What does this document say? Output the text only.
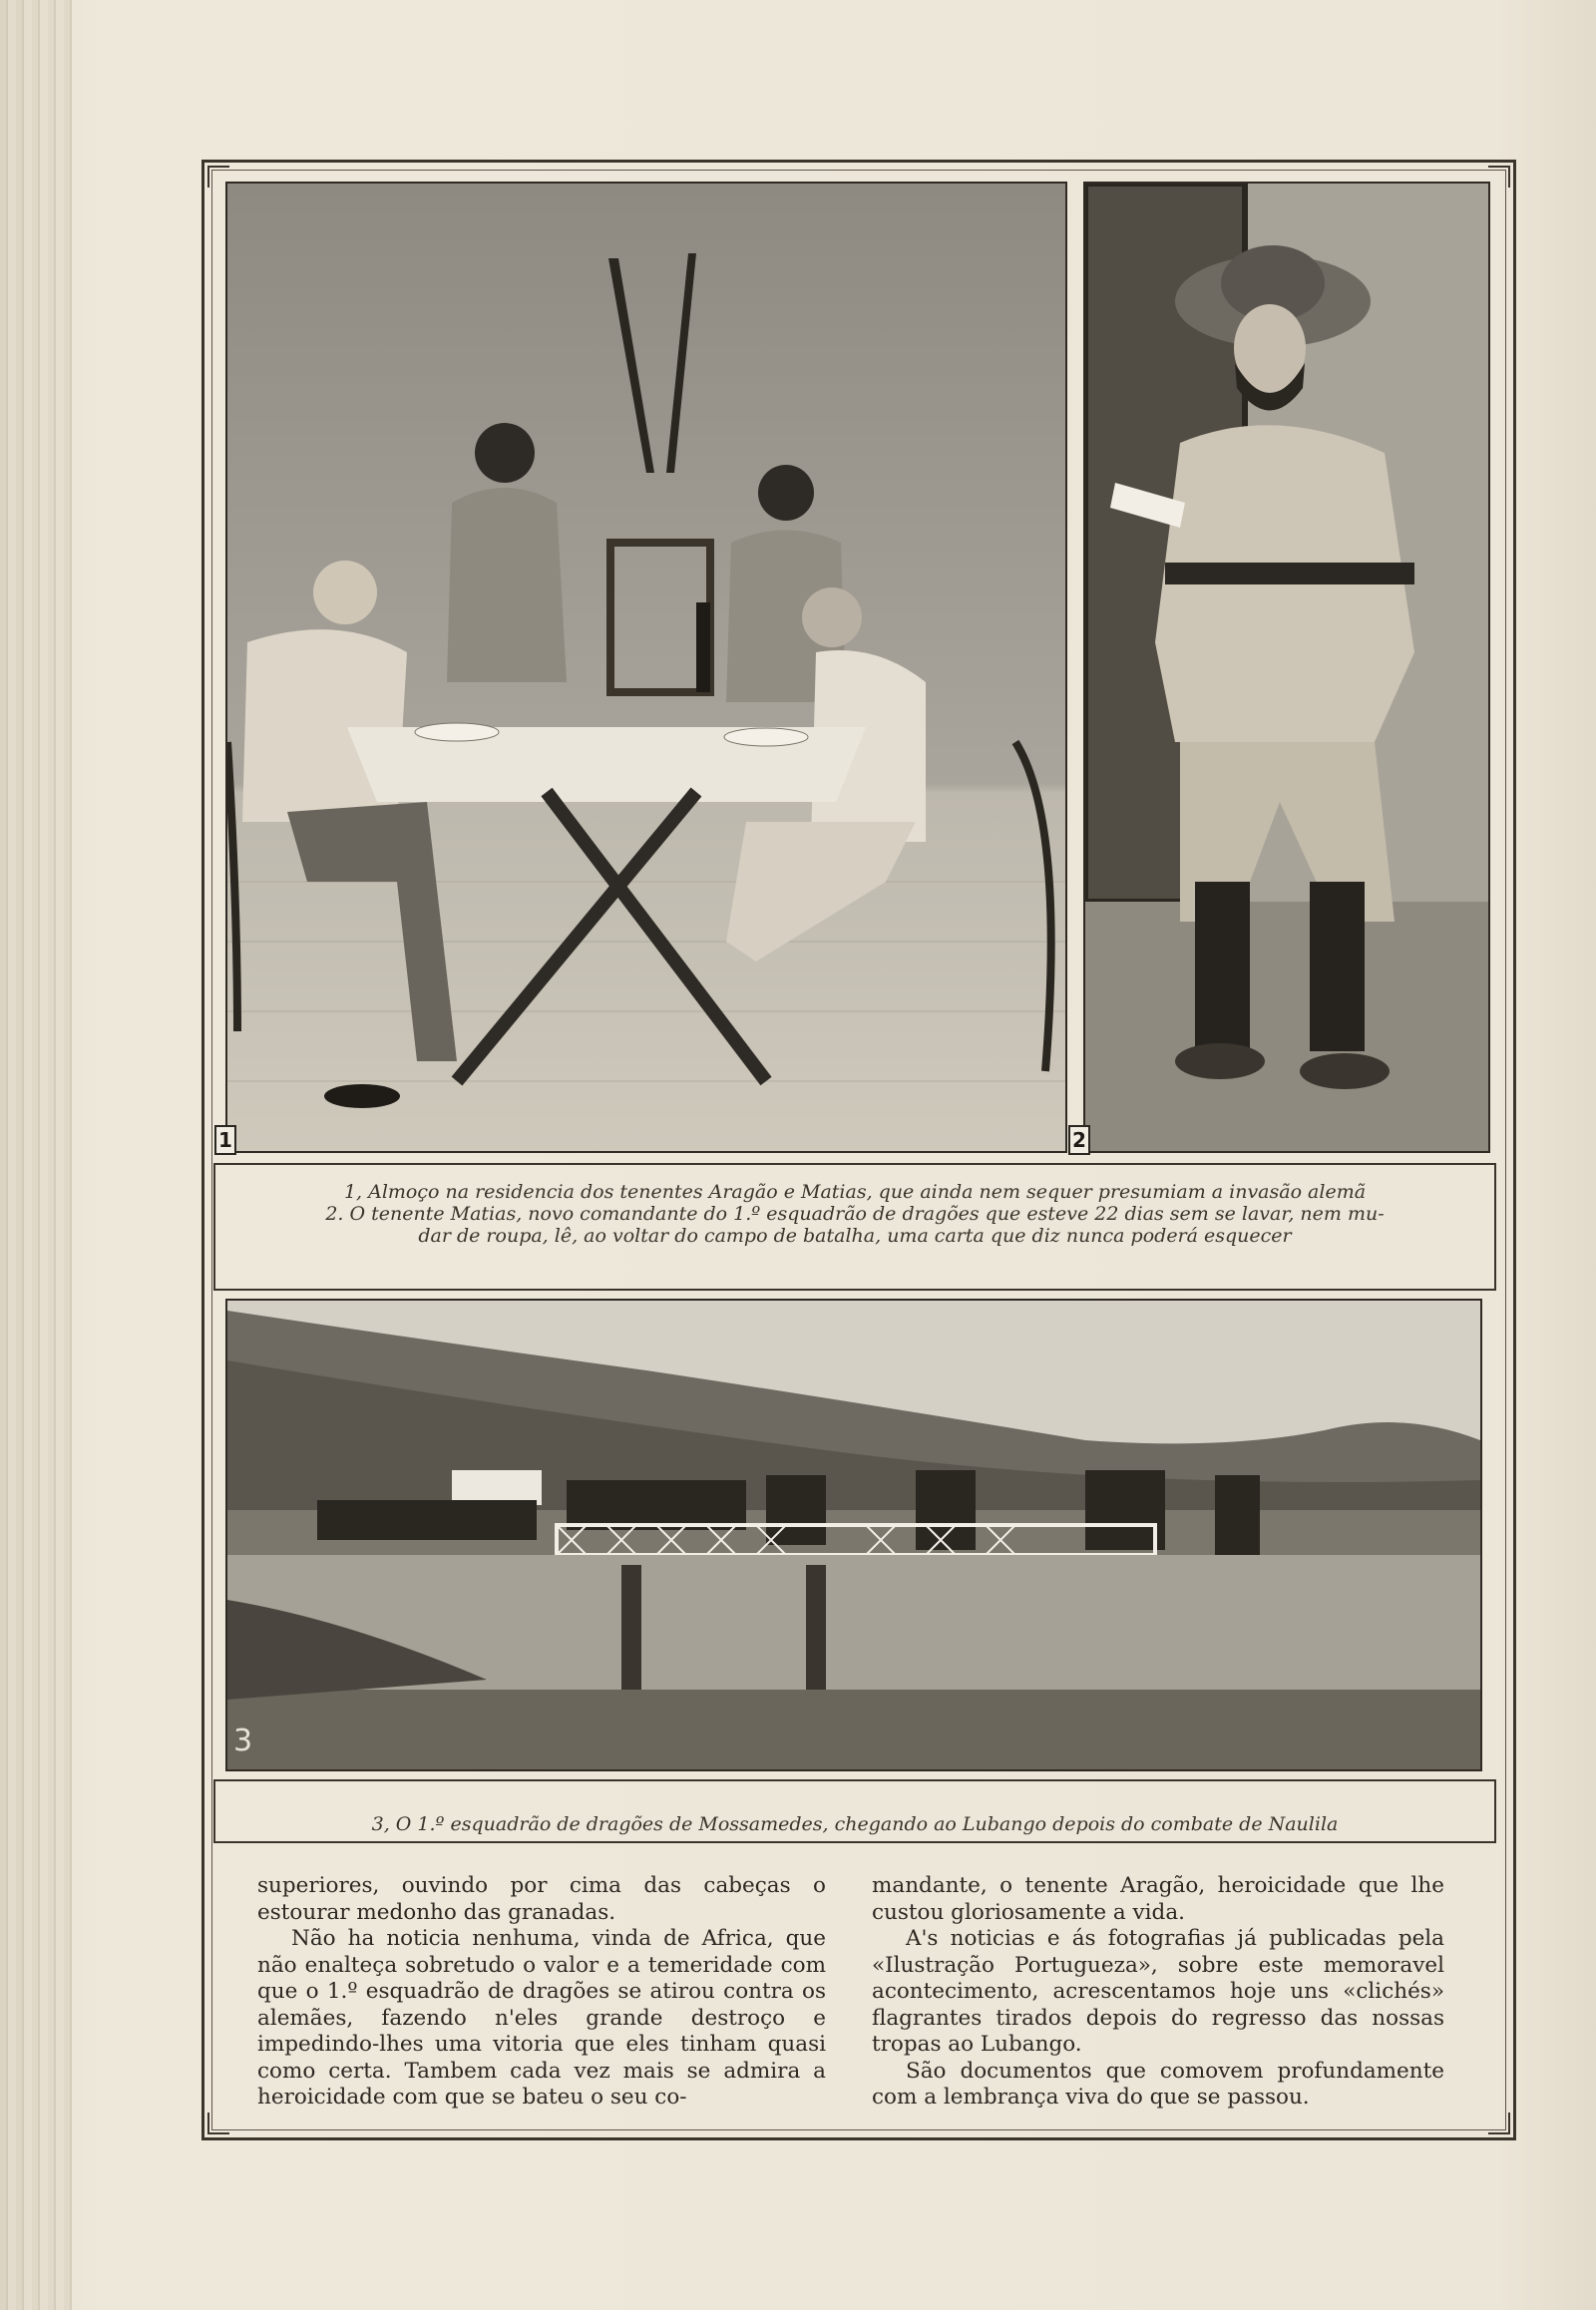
1	2
1, Almoço na residencia dos tenentes Aragão e Matias, que ainda nem sequer presumiam a invasão alemã
2. O tenente Matias, novo comandante do 1.º esquadrão de dragões que esteve 22 dias sem se lavar, nem mu-
dar de roupa, lê, ao voltar do campo de batalha, uma carta que diz nunca poderá esquecer
3
3, O 1.º esquadrão de dragões de Mossamedes, chegando ao Lubango depois do combate de Naulila

superiores, ouvindo por cima das cabeças o estourar medonho das granadas.

Não ha noticia nenhuma, vinda de Africa, que não enalteça sobretudo o valor e a temeridade com que o 1.º esquadrão de dragões se atirou contra os alemães, fazendo n'eles grande destroço e impedindo-lhes uma vitoria que eles tinham quasi como certa. Tambem cada vez mais se admira a heroicidade com que se bateu o seu co-

mandante, o tenente Aragão, heroicidade que lhe custou gloriosamente a vida.

A's noticias e ás fotografias já publicadas pela «Ilustração Portugueza», sobre este memoravel acontecimento, acrescentamos hoje uns «clichés» flagrantes tirados depois do regresso das nossas tropas ao Lubango.

São documentos que comovem profundamente com a lembrança viva do que se passou.
